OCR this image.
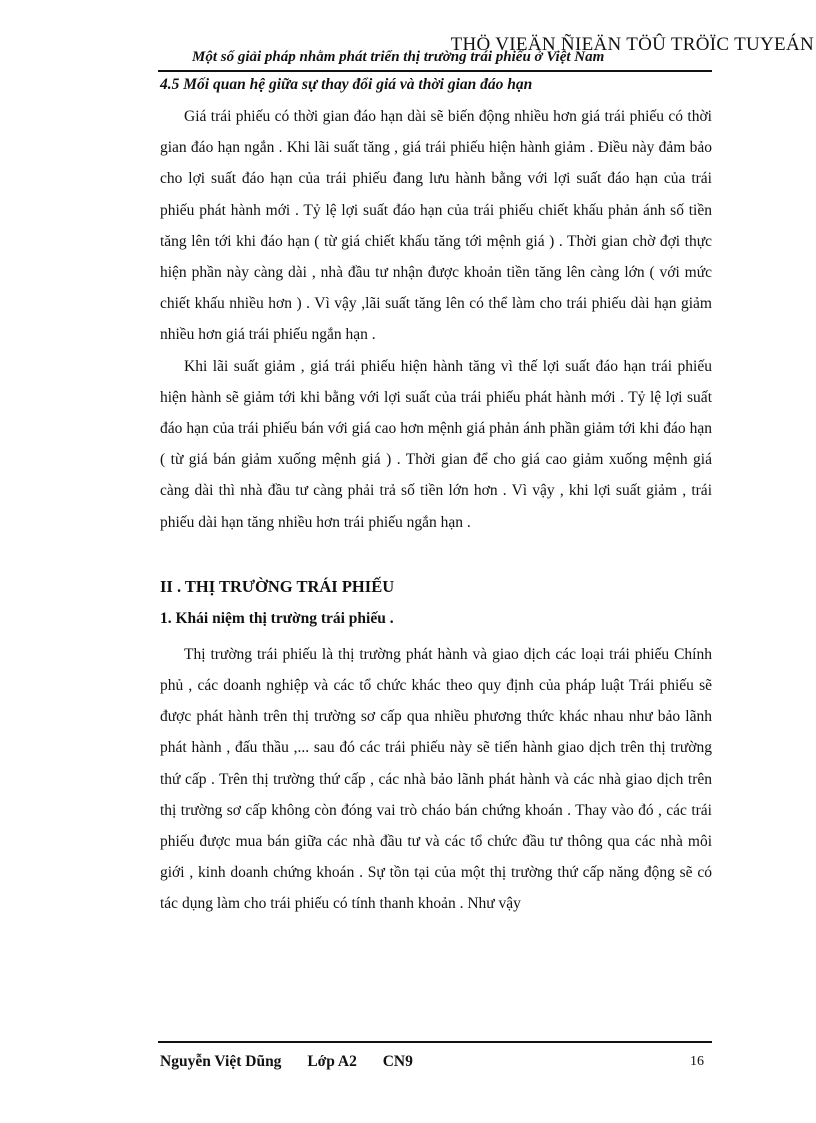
THÖ VIEÄN ÑIEÄN TÖÛ TRÖÏC TUYEÁN
Một số giải pháp nhằm phát triển thị trường trái phiếu ở Việt Nam
4.5 Mối quan hệ giữa sự thay đổi giá và thời gian đáo hạn

Giá trái phiếu có thời gian đáo hạn dài sẽ biến động nhiều hơn giá trái phiếu có thời gian đáo hạn ngắn . Khi lãi suất tăng , giá trái phiếu hiện hành giảm . Điều này đảm bảo cho lợi suất đáo hạn của trái phiếu đang lưu hành bằng với lợi suất đáo hạn của trái phiếu phát hành mới . Tỷ lệ lợi suất đáo hạn của trái phiếu chiết khấu phản ánh số tiền tăng lên tới khi đáo hạn ( từ giá chiết khấu tăng tới mệnh giá ) . Thời gian chờ đợi thực hiện phần này càng dài , nhà đầu tư nhận được khoản tiền tăng lên càng lớn ( với mức chiết khấu nhiều hơn ) . Vì vậy ,lãi suất tăng lên có thể làm cho trái phiếu dài hạn giảm nhiều hơn giá trái phiếu ngắn hạn .

Khi lãi suất giảm , giá trái phiếu hiện hành tăng vì thế lợi suất đáo hạn trái phiếu hiện hành sẽ giảm tới khi bằng với lợi suất của trái phiếu phát hành mới . Tỷ lệ lợi suất đáo hạn của trái phiếu bán với giá cao hơn mệnh giá phản ánh phần giảm tới khi đáo hạn ( từ giá bán giảm xuống mệnh giá ) . Thời gian để cho giá cao giảm xuống mệnh giá càng dài thì nhà đầu tư càng phải trả số tiền lớn hơn . Vì vậy , khi lợi suất giảm , trái phiếu dài hạn tăng nhiều hơn trái phiếu ngắn hạn .

II . THỊ TRƯỜNG TRÁI PHIẾU
1. Khái niệm thị trường trái phiếu .

Thị trường trái phiếu là thị trường phát hành và giao dịch các loại trái phiếu Chính phủ , các doanh nghiệp và các tổ chức khác theo quy định của pháp luật Trái phiếu sẽ được phát hành trên thị trường sơ cấp qua nhiều phương thức khác nhau như bảo lãnh phát hành , đấu thầu ,... sau đó các trái phiếu này sẽ tiến hành giao dịch trên thị trường thứ cấp . Trên thị trường thứ cấp , các nhà bảo lãnh phát hành và các nhà giao dịch trên thị trường sơ cấp không còn đóng vai trò cháo bán chứng khoán . Thay vào đó , các trái phiếu được mua bán giữa các nhà đầu tư và các tổ chức đầu tư thông qua các nhà môi giới , kinh doanh chứng khoán . Sự tồn tại của một thị trường thứ cấp năng động sẽ có tác dụng làm cho trái phiếu có tính thanh khoản . Như vậy

Nguyễn Việt Dũng Lớp A2 CN9	16
